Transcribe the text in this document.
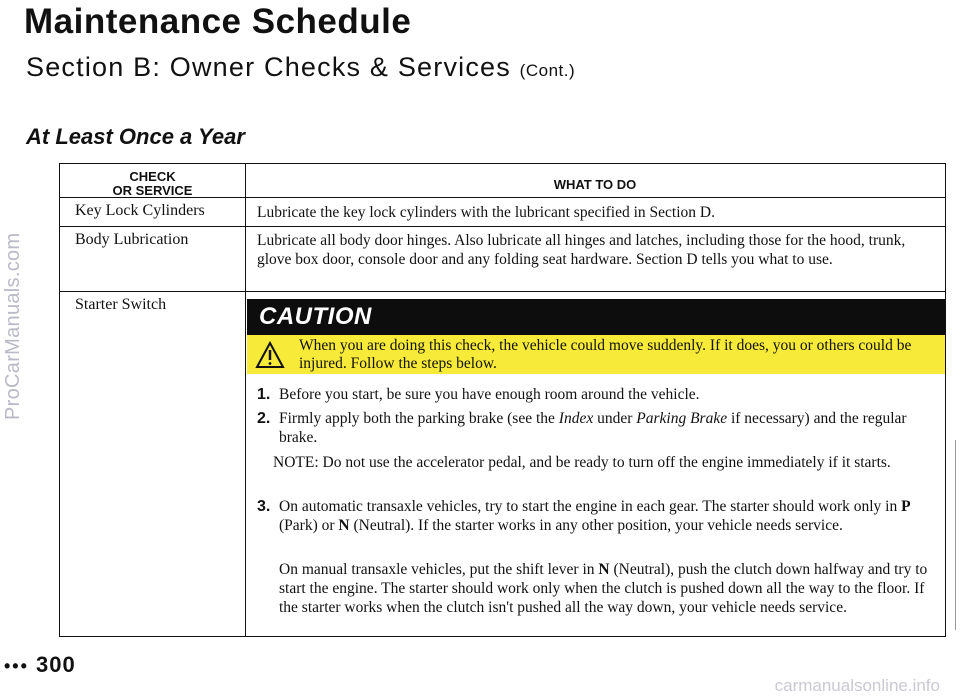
ProCarManuals.com
Maintenance Schedule
Section B: Owner Checks & Services (Cont.)
At Least Once a Year
CHECK
OR SERVICE	WHAT TO DO
Key Lock Cylinders	Lubricate the key lock cylinders with the lubricant specified in Section D.
Body Lubrication	Lubricate all body door hinges. Also lubricate all hinges and latches, including those for the hood, trunk, glove box door, console door and any folding seat hardware. Section D tells you what to use.
Starter Switch	CAUTION
When you are doing this check, the vehicle could move suddenly. If it does, you or others could be injured. Follow the steps below.
1. Before you start, be sure you have enough room around the vehicle.
2. Firmly apply both the parking brake (see the Index under Parking Brake if necessary) and the regular brake.
NOTE: Do not use the accelerator pedal, and be ready to turn off the engine immediately if it starts.
3. On automatic transaxle vehicles, try to start the engine in each gear. The starter should work only in P (Park) or N (Neutral). If the starter works in any other position, your vehicle needs service.
On manual transaxle vehicles, put the shift lever in N (Neutral), push the clutch down halfway and try to start the engine. The starter should work only when the clutch is pushed down all the way to the floor. If the starter works when the clutch isn't pushed all the way down, your vehicle needs service.
••• 300
carmanualsonline.info
